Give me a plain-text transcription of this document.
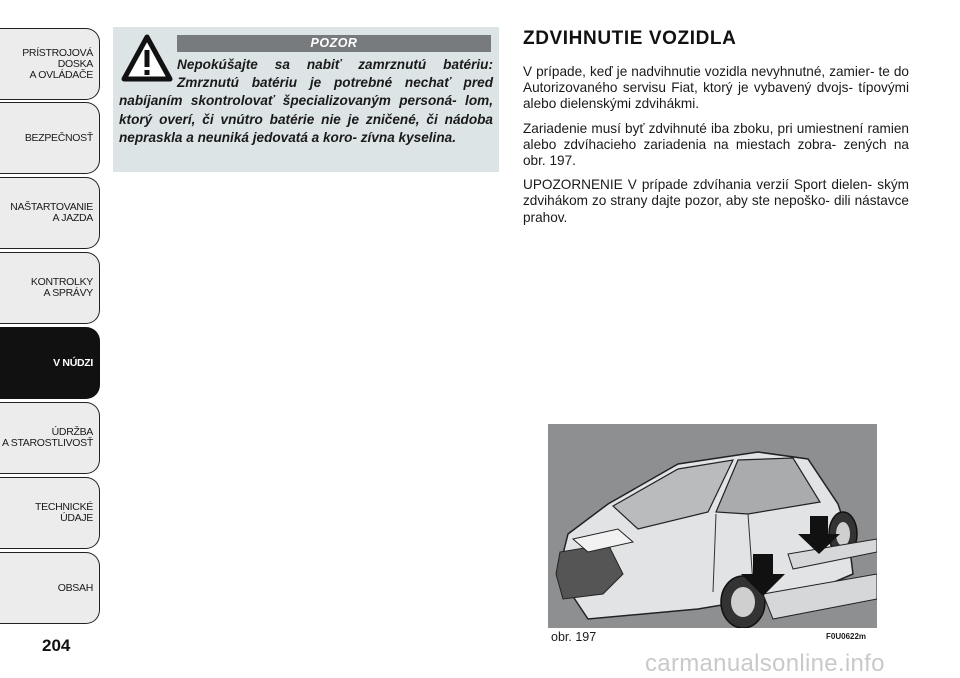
PRÍSTROJOVÁ
DOSKA
A OVLÁDAČE
BEZPEČNOSŤ
NAŠTARTOVANIE
A JAZDA
KONTROLKY
A SPRÁVY
V NÚDZI
ÚDRŽBA
A STAROSTLIVOSŤ
TECHNICKÉ ÚDAJE
OBSAH
204
POZOR
Nepokúšajte sa nabiť zamrznutú batériu: Zmrznutú batériu je potrebné nechať pred nabíjaním skontrolovať špecializovaným personá- lom, ktorý overí, či vnútro batérie nie je zničené, či nádoba nepraskla a neuniká jedovatá a koro- zívna kyselina.
ZDVIHNUTIE VOZIDLA

V prípade, keď je nadvihnutie vozidla nevyhnutné, zamier- te do Autorizovaného servisu Fiat, ktorý je vybavený dvojs- típovými alebo dielenskými zdvihákmi.

Zariadenie musí byť zdvihnuté iba zboku, pri umiestnení ramien alebo zdvíhacieho zariadenia na miestach zobra- zených na obr. 197.

UPOZORNENIE V prípade zdvíhania verzií Sport dielen- ským zdvihákom zo strany dajte pozor, aby ste nepoško- dili nástavce prahov.

obr. 197	F0U0622m
carmanualsonline.info
